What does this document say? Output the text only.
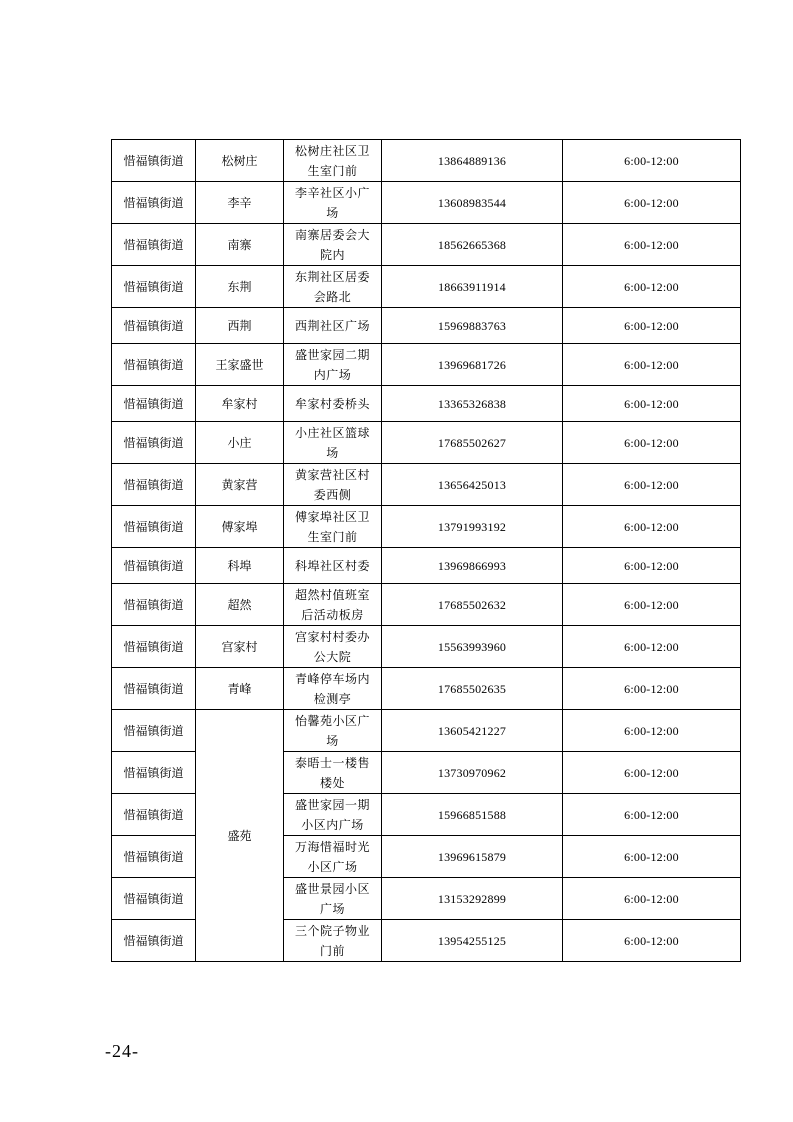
惜福镇街道	松树庄	松树庄社区卫生室门前	13864889136	6:00-12:00
惜福镇街道	李辛	李辛社区小广场	13608983544	6:00-12:00
惜福镇街道	南寨	南寨居委会大院内	18562665368	6:00-12:00
惜福镇街道	东荆	东荆社区居委会路北	18663911914	6:00-12:00
惜福镇街道	西荆	西荆社区广场	15969883763	6:00-12:00
惜福镇街道	王家盛世	盛世家园二期内广场	13969681726	6:00-12:00
惜福镇街道	牟家村	牟家村委桥头	13365326838	6:00-12:00
惜福镇街道	小庄	小庄社区篮球场	17685502627	6:00-12:00
惜福镇街道	黄家营	黄家营社区村委西侧	13656425013	6:00-12:00
惜福镇街道	傅家埠	傅家埠社区卫生室门前	13791993192	6:00-12:00
惜福镇街道	科埠	科埠社区村委	13969866993	6:00-12:00
惜福镇街道	超然	超然村值班室后活动板房	17685502632	6:00-12:00
惜福镇街道	宫家村	宫家村村委办公大院	15563993960	6:00-12:00
惜福镇街道	青峰	青峰停车场内检测亭	17685502635	6:00-12:00
惜福镇街道	盛苑	怡馨苑小区广场	13605421227	6:00-12:00
惜福镇街道		泰晤士一楼售楼处	13730970962	6:00-12:00
惜福镇街道		盛世家园一期小区内广场	15966851588	6:00-12:00
惜福镇街道		万海惜福时光小区广场	13969615879	6:00-12:00
惜福镇街道		盛世景园小区广场	13153292899	6:00-12:00
惜福镇街道		三个院子物业门前	13954255125	6:00-12:00
-24-
